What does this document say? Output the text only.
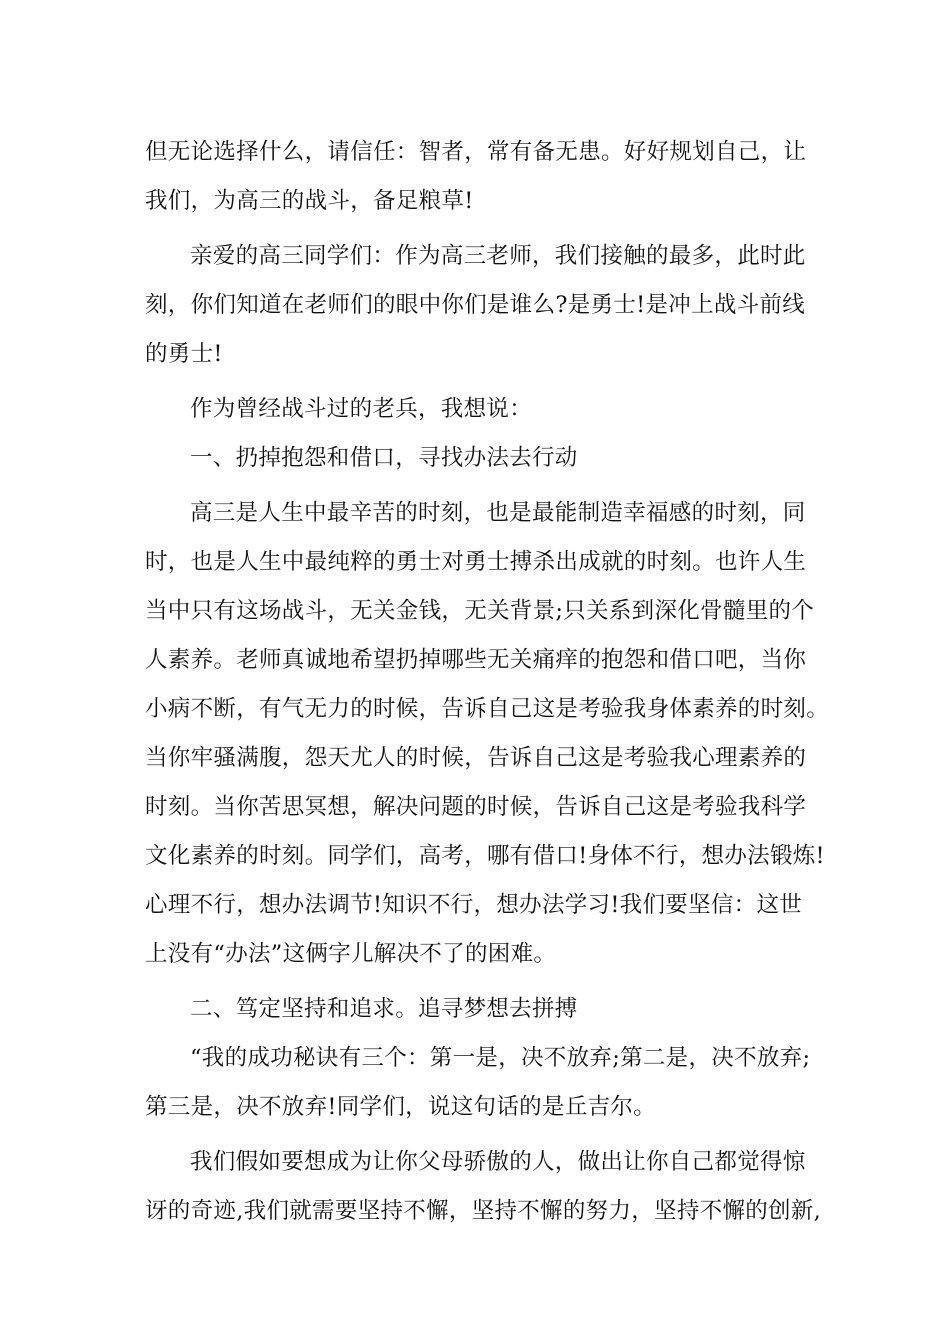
但无论选择什么，请信任：智者，常有备无患。好好规划自己，让
我们，为高三的战斗，备足粮草!
亲爱的高三同学们：作为高三老师，我们接触的最多，此时此
刻，你们知道在老师们的眼中你们是谁么?是勇士!是冲上战斗前线
的勇士!
作为曾经战斗过的老兵，我想说：
一、扔掉抱怨和借口，寻找办法去行动
高三是人生中最辛苦的时刻，也是最能制造幸福感的时刻，同
时，也是人生中最纯粹的勇士对勇士搏杀出成就的时刻。也许人生
当中只有这场战斗，无关金钱，无关背景;只关系到深化骨髓里的个
人素养。老师真诚地希望扔掉哪些无关痛痒的抱怨和借口吧，当你
小病不断，有气无力的时候，告诉自己这是考验我身体素养的时刻。
当你牢骚满腹，怨天尤人的时候，告诉自己这是考验我心理素养的
时刻。当你苦思冥想，解决问题的时候，告诉自己这是考验我科学
文化素养的时刻。同学们，高考，哪有借口!身体不行，想办法锻炼!
心理不行，想办法调节!知识不行，想办法学习!我们要坚信：这世
上没有“办法”这俩字儿解决不了的困难。
二、笃定坚持和追求。追寻梦想去拼搏
“我的成功秘诀有三个：第一是，决不放弃;第二是，决不放弃;
第三是，决不放弃!同学们，说这句话的是丘吉尔。
我们假如要想成为让你父母骄傲的人，做出让你自己都觉得惊
讶的奇迹,我们就需要坚持不懈，坚持不懈的努力，坚持不懈的创新,
